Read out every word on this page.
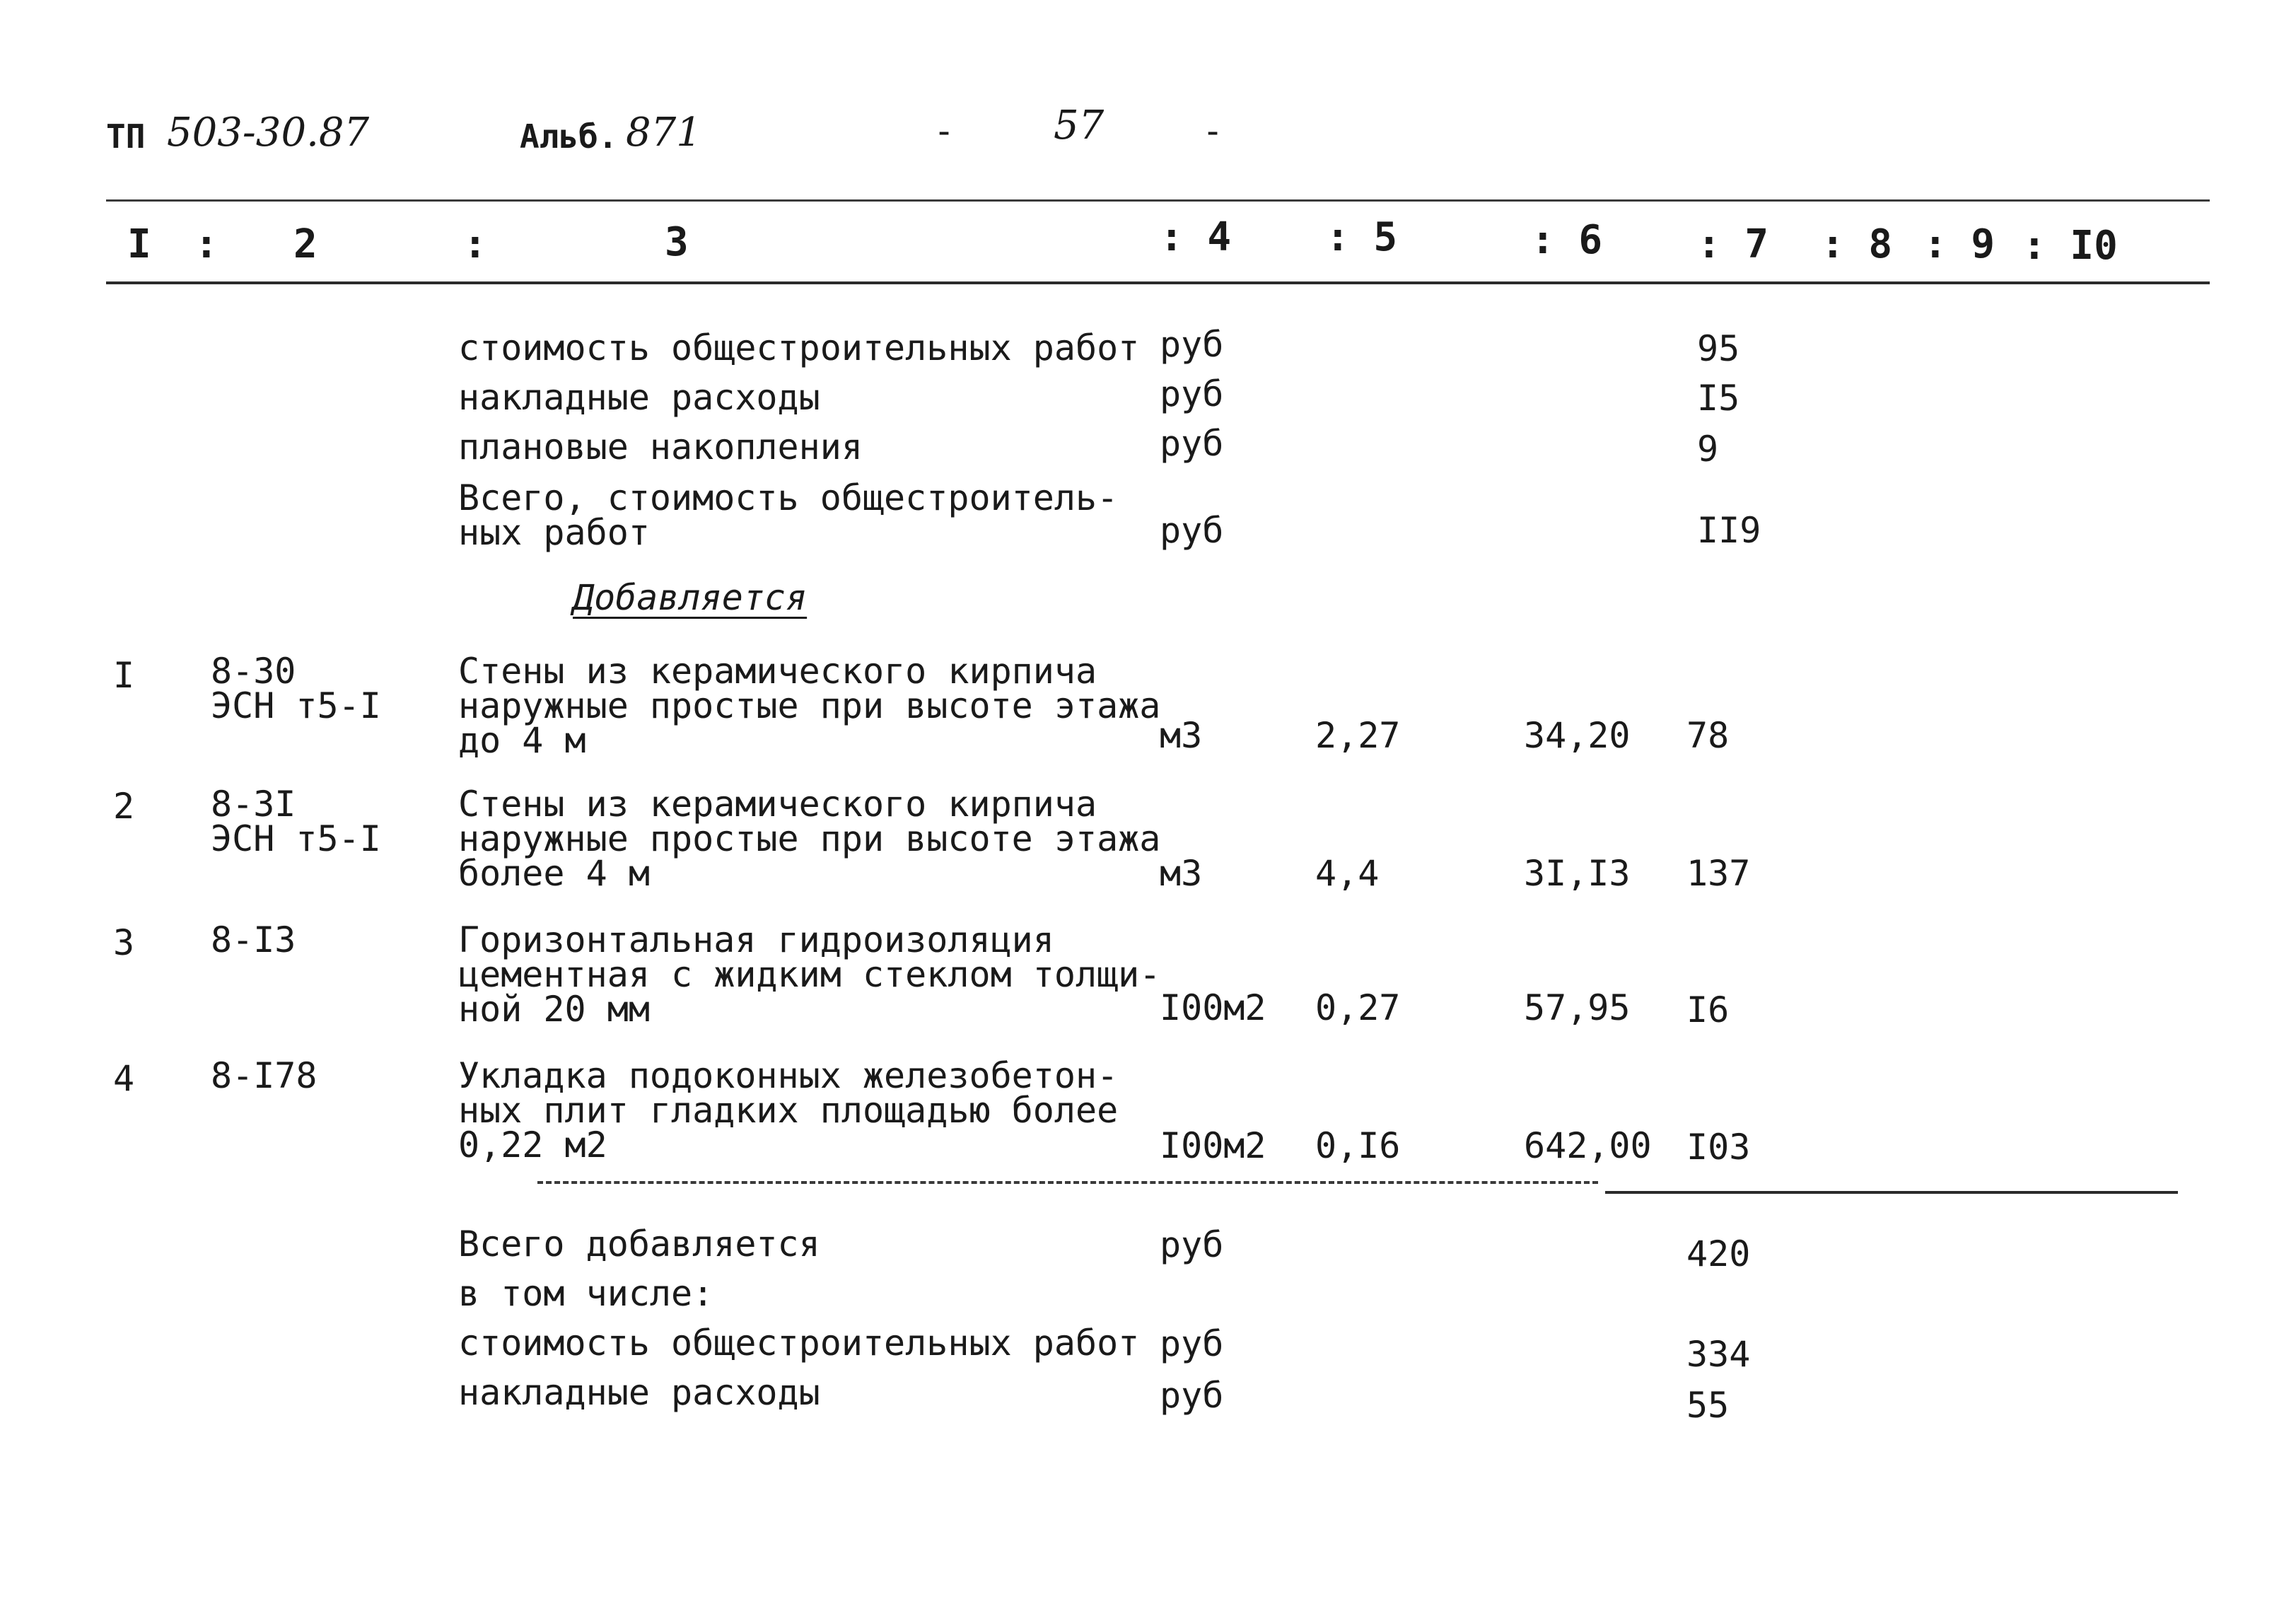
ТП 503-30.87	Альб. 871	- 57	-
I : 2	:	3	: 4 : 5	: 6 : 7 : 8 : 9 : I0
стоимость общестроительных работ руб	95
накладные расходы	руб	I5
плановые накопления	руб	9
Всего, стоимость общестроитель-
ных работ	руб	II9
Добавляется
I 8-30
ЭСН т5-I
Стены из керамического кирпича
наружные простые при высоте этажа
до 4 м	м3	2,27	34,20 78
2 8-3I
ЭСН т5-I
Стены из керамического кирпича
наружные простые при высоте этажа
более 4 м	м3	4,4	3I,I3 137
3 8-I3	Горизонтальная гидроизоляция
цементная с жидким стеклом толщи-
ной 20 мм	I00м2 0,27	57,95 I6
4 8-I78	Укладка подоконных железобетон-
ных плит гладких площадью более
0,22 м2	I00м2 0,I6	642,00 I03
Всего добавляется	руб	420
в том числе:
стоимость общестроительных работ руб	334
накладные расходы	руб	55
